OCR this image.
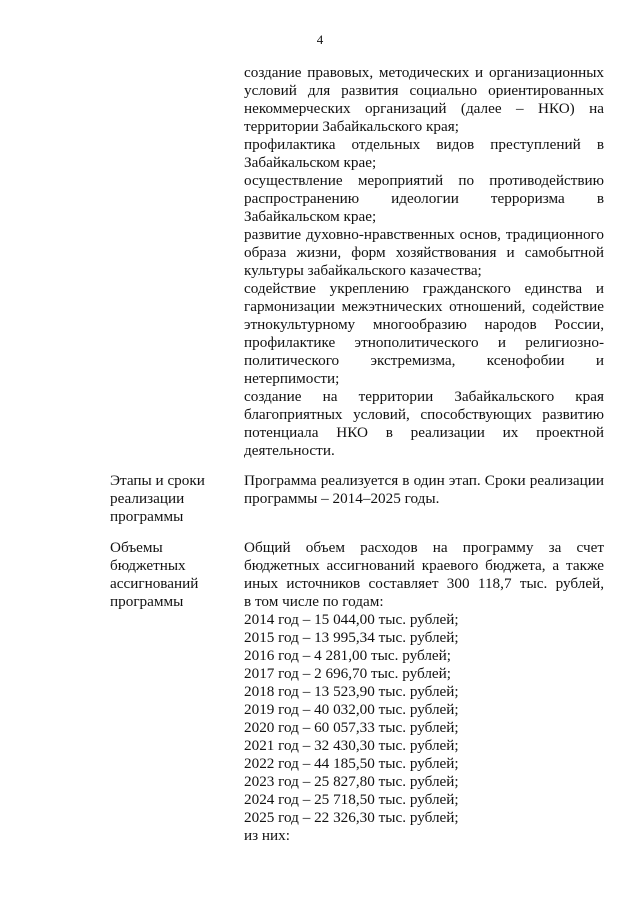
4
создание правовых, методических и организационных
условий для развития социально ориентированных
некоммерческих организаций (далее – НКО) на
территории Забайкальского края;
профилактика отдельных видов преступлений в
Забайкальском крае;
осуществление мероприятий по противодействию
распространению идеологии терроризма в
Забайкальском крае;
развитие духовно-нравственных основ, традиционного
образа жизни, форм хозяйствования и самобытной
культуры забайкальского казачества;
содействие укреплению гражданского единства и
гармонизации межэтнических отношений, содействие
этнокультурному многообразию народов России,
профилактике этнополитического и религиозно-
политического экстремизма, ксенофобии и
нетерпимости;
создание на территории Забайкальского края
благоприятных условий, способствующих развитию
потенциала НКО в реализации их проектной
деятельности.
Этапы и сроки
реализации
программы
Программа реализуется в один этап. Сроки реализации
программы – 2014–2025 годы.
Объемы
бюджетных
ассигнований
программы
Общий объем расходов на программу за счет
бюджетных ассигнований краевого бюджета, а также
иных источников составляет 300 118,7 тыс. рублей,
в том числе по годам:
2014 год – 15 044,00 тыс. рублей;
2015 год – 13 995,34 тыс. рублей;
2016 год – 4 281,00 тыс. рублей;
2017 год – 2 696,70 тыс. рублей;
2018 год – 13 523,90 тыс. рублей;
2019 год – 40 032,00 тыс. рублей;
2020 год – 60 057,33 тыс. рублей;
2021 год – 32 430,30 тыс. рублей;
2022 год – 44 185,50 тыс. рублей;
2023 год – 25 827,80 тыс. рублей;
2024 год – 25 718,50 тыс. рублей;
2025 год – 22 326,30 тыс. рублей;
из них:
